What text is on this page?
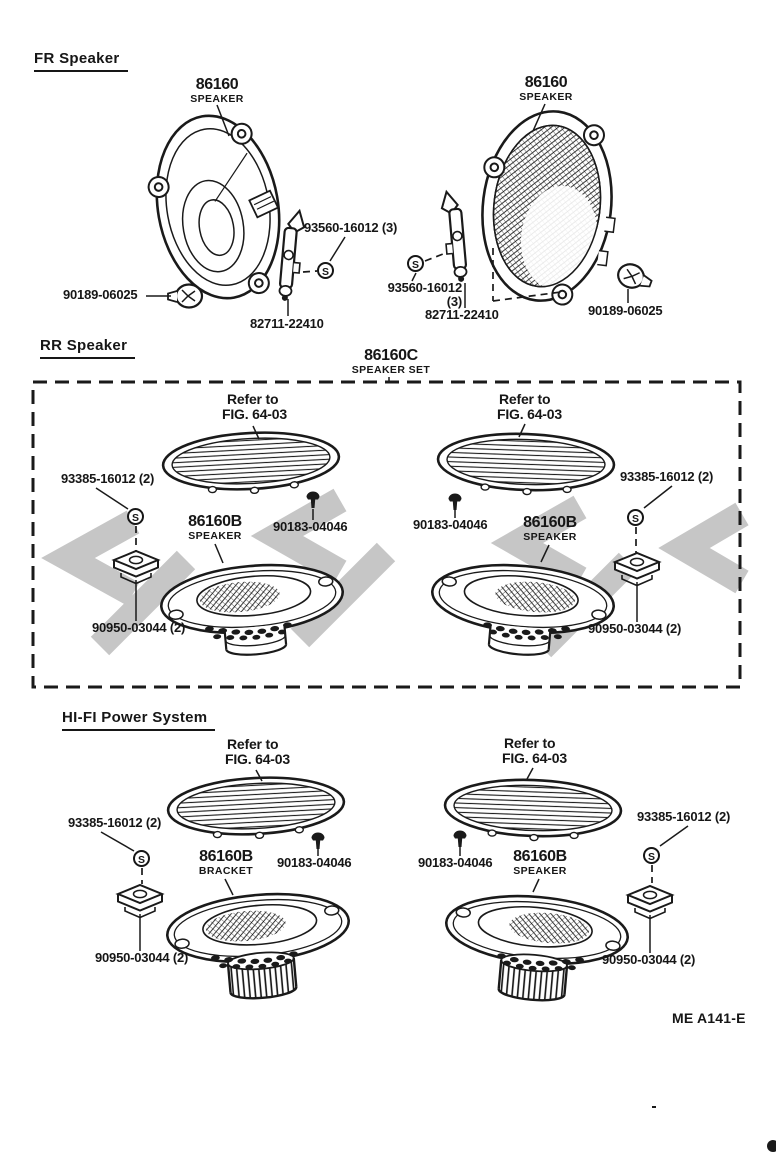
FR Speaker
86160
SPEAKER
86160
SPEAKER
93560-16012 (3)
93560-16012
(3)
90189-06025
90189-06025
82711-22410
82711-22410
S
S
RR Speaker
86160C
SPEAKER SET
Refer to
FIG. 64-03
Refer to
FIG. 64-03
93385-16012 (2)	93385-16012 (2)
S	S
86160B
SPEAKER
86160B
SPEAKER
90183-04046	90183-04046
90950-03044 (2)	90950-03044 (2)
HI-FI Power System
Refer to
FIG. 64-03
Refer to
FIG. 64-03
93385-16012 (2)	93385-16012 (2)
S	S
86160B
BRACKET
86160B
SPEAKER
90183-04046	90183-04046
90950-03044 (2)	90950-03044 (2)
ME A141-E
